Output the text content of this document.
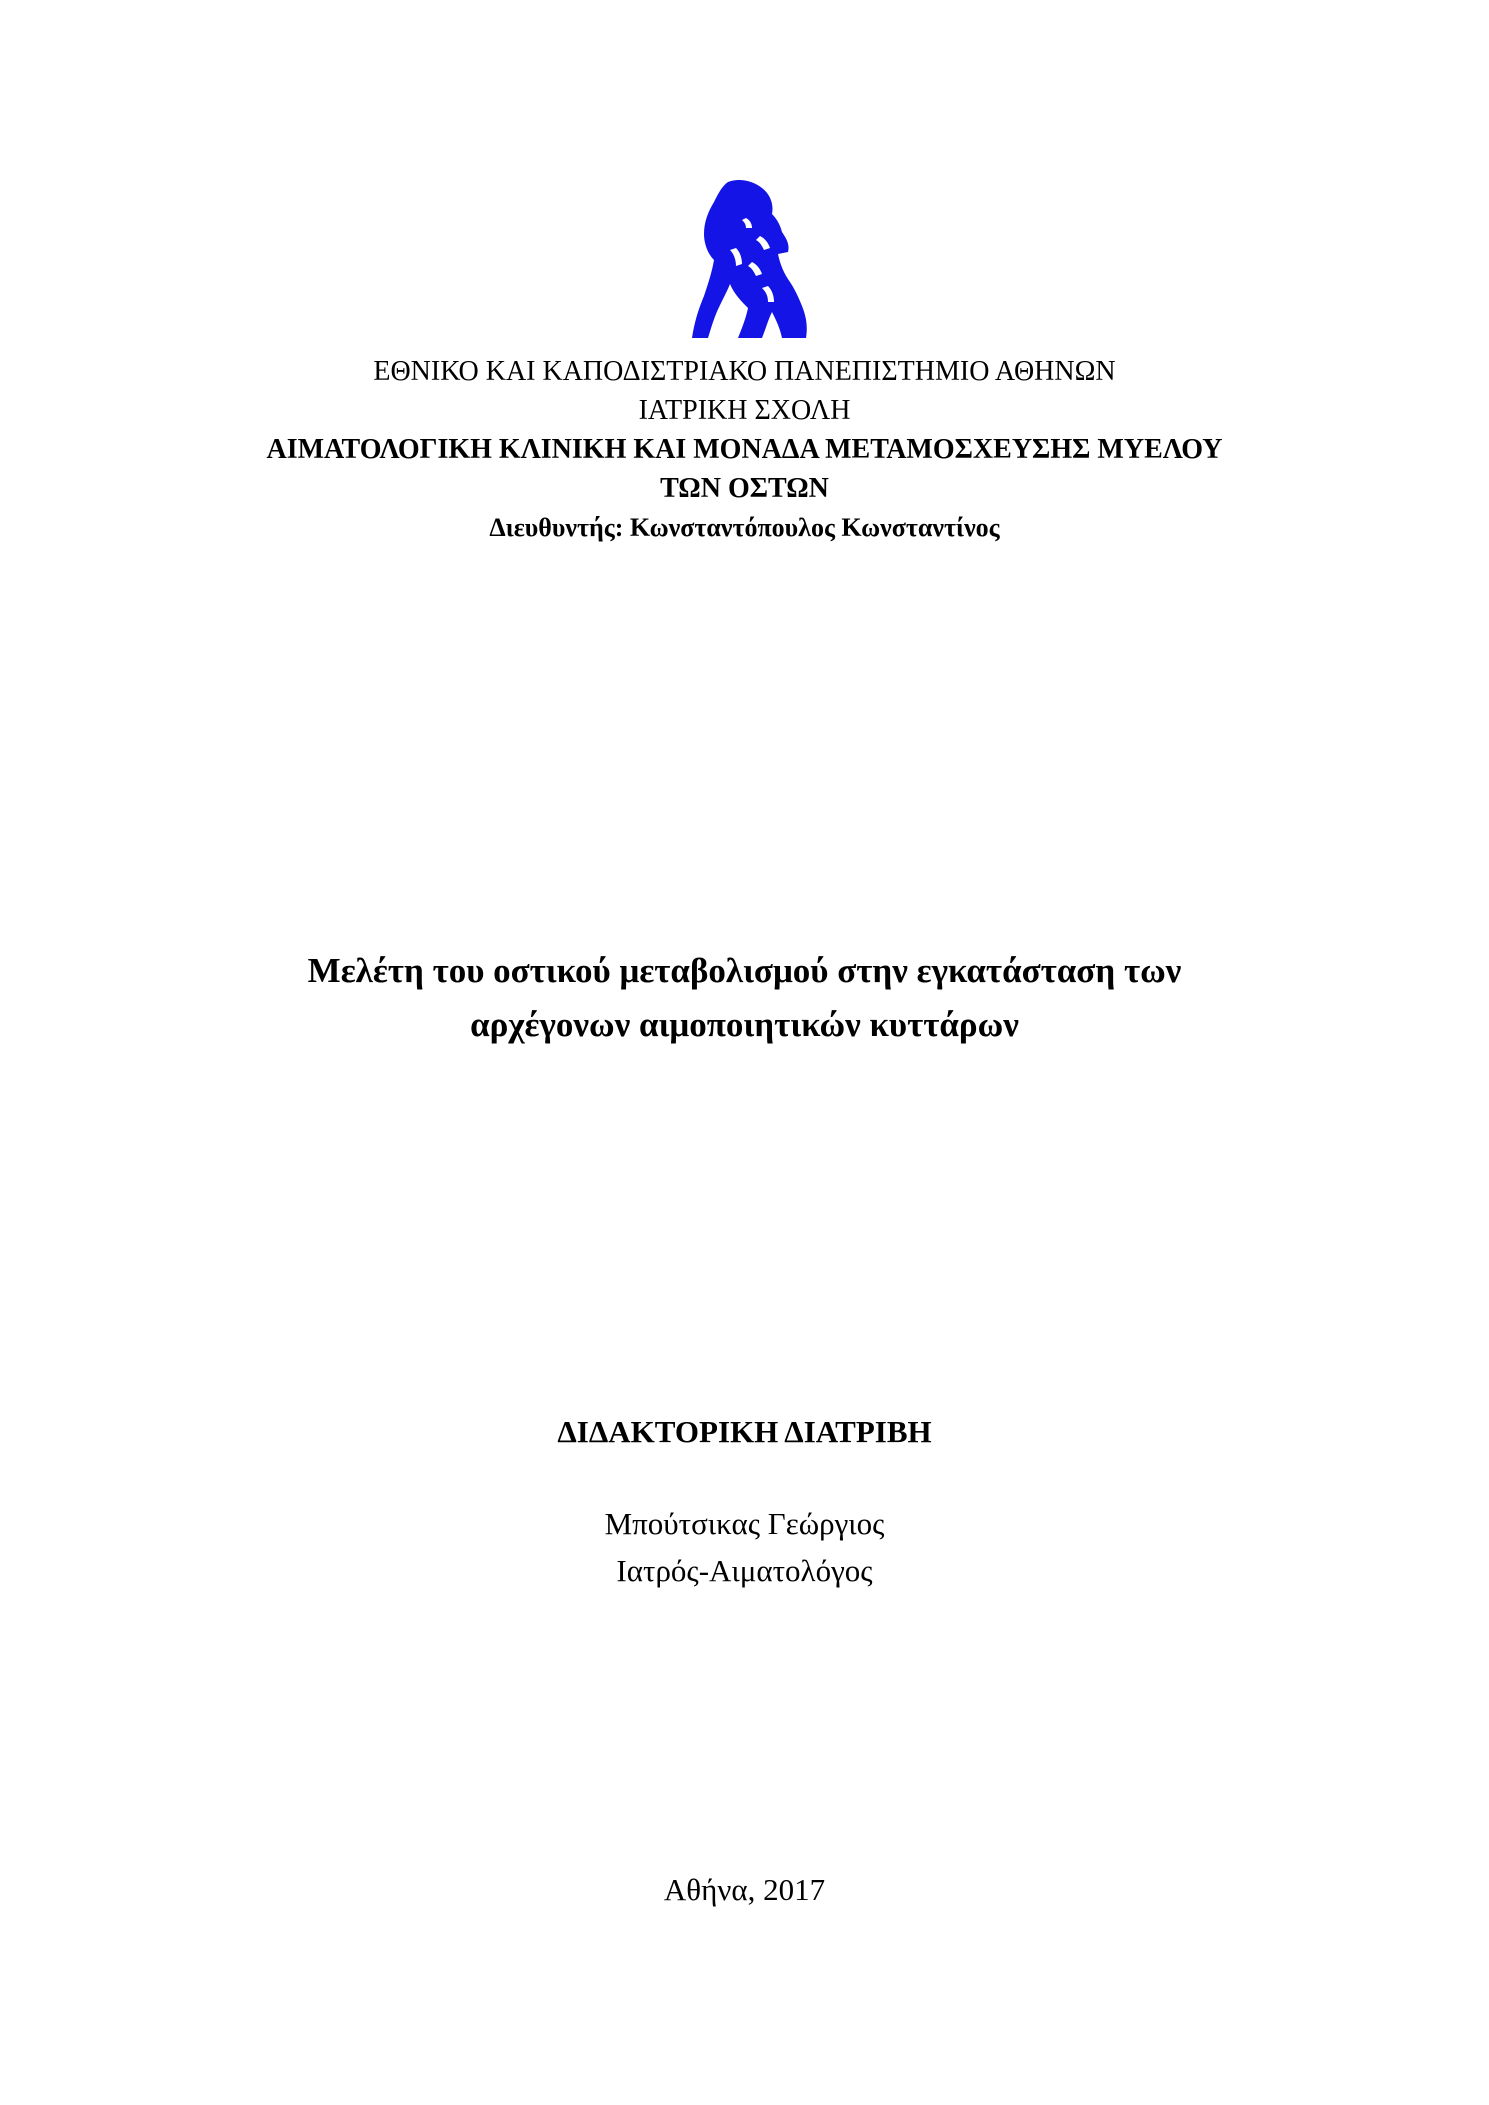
ΕΘΝΙΚΟ ΚΑΙ ΚΑΠΟΔΙΣΤΡΙΑΚΟ ΠΑΝΕΠΙΣΤΗΜΙΟ ΑΘΗΝΩΝ
ΙΑΤΡΙΚΗ ΣΧΟΛΗ
ΑΙΜΑΤΟΛΟΓΙΚΗ ΚΛΙΝΙΚΗ ΚΑΙ ΜΟΝΑΔΑ ΜΕΤΑΜΟΣΧΕΥΣΗΣ ΜΥΕΛΟΥ
ΤΩΝ ΟΣΤΩΝ
Διευθυντής: Κωνσταντόπουλος Κωνσταντίνος
Μελέτη του οστικού μεταβολισμού στην εγκατάσταση των
αρχέγονων αιμοποιητικών κυττάρων
ΔΙΔΑΚΤΟΡΙΚΗ ΔΙΑΤΡΙΒΗ
Μπούτσικας Γεώργιος
Ιατρός-Αιματολόγος
Αθήνα, 2017
